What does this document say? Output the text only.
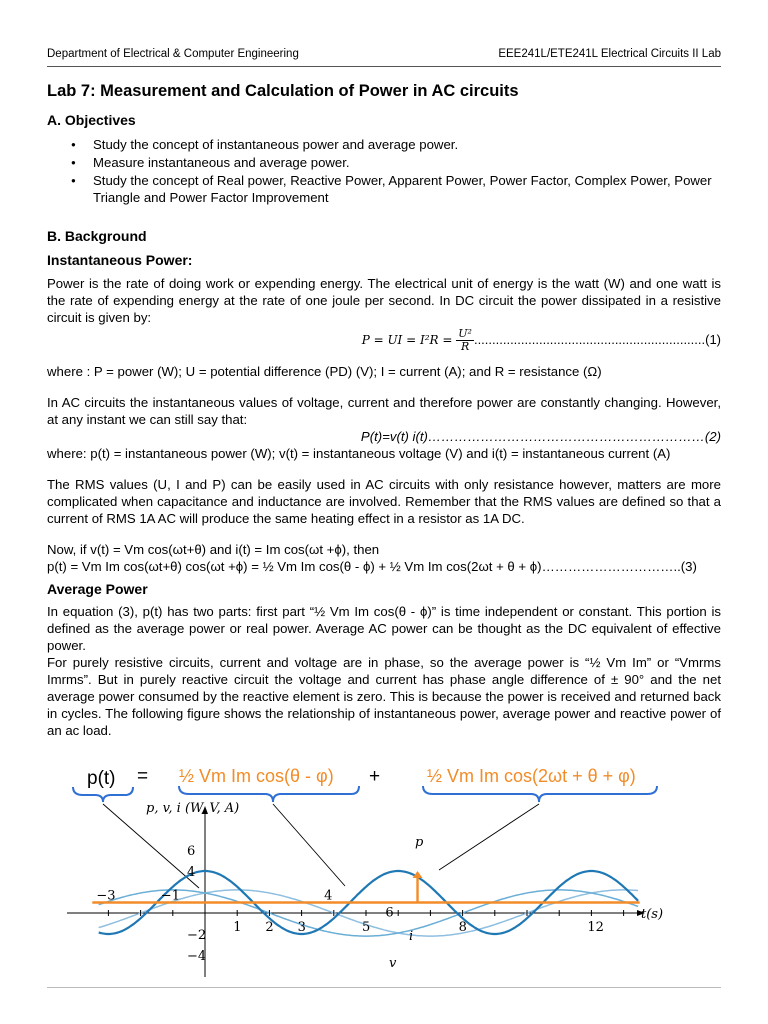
Department of Electrical & Computer Engineering	EEE241L/ETE241L Electrical Circuits II Lab
Lab 7: Measurement and Calculation of Power in AC circuits
A. Objectives
● Study the concept of instantaneous power and average power.
● Measure instantaneous and average power.
● Study the concept of Real power, Reactive Power, Apparent Power, Power Factor, Complex Power, Power Triangle and Power Factor Improvement
B. Background
Instantaneous Power:

Power is the rate of doing work or expending energy. The electrical unit of energy is the watt (W) and one watt is the rate of expending energy at the rate of one joule per second. In DC circuit the power dissipated in a resistive circuit is given by:

P = UI = $I^2R = \frac{\text{U²}}{R} ................................................................(1)$

where : P = power (W); U = potential difference (PD) (V); I = current (A); and R = resistance (Ω)

In AC circuits the instantaneous values of voltage, current and therefore power are constantly changing. However, at any instant we can still say that:

P(t)=v(t) i(t)………………………………………………………(2)

where: p(t) = instantaneous power (W); v(t) = instantaneous voltage (V) and i(t) = instantaneous current (A)

The RMS values (U, I and P) can be easily used in AC circuits with only resistance however, matters are more complicated when capacitance and inductance are involved. Remember that the RMS values are defined so that a current of RMS 1A AC will produce the same heating effect in a resistor as 1A DC.

Now, if v(t) = Vm cos(ωt+θ) and i(t) = Im cos(ωt +ϕ), then

p(t) = Vm Im cos(ωt+θ) cos(ωt +ϕ) = ½ Vm Im cos(θ - ϕ) + ½ Vm Im cos(2ωt + θ + ϕ)…………………………..(3)

Average Power

In equation (3), p(t) has two parts: first part “½ Vm Im cos(θ - ϕ)” is time independent or constant. This portion is defined as the average power or real power. Average AC power can be thought as the DC equivalent of effective power.

For purely resistive circuits, current and voltage are in phase, so the average power is “½ Vm Im” or “Vmrms Imrms”. But in purely reactive circuit the voltage and current has phase angle difference of ± 90° and the net average power consumed by the reactive element is zero. This is because the power is received and returned back in cycles. The following figure shows the relationship of instantaneous power, average power and reactive power of an ac load.

p(t) = ½ Vm Im cos(θ - φ) +	½ Vm Im cos(2ωt + θ + φ)
p, v, i (W, V, A)
t(s)
−3	−1
1 2 3	5	8	12
6
4
−2
−4
4
6
p
i
v
